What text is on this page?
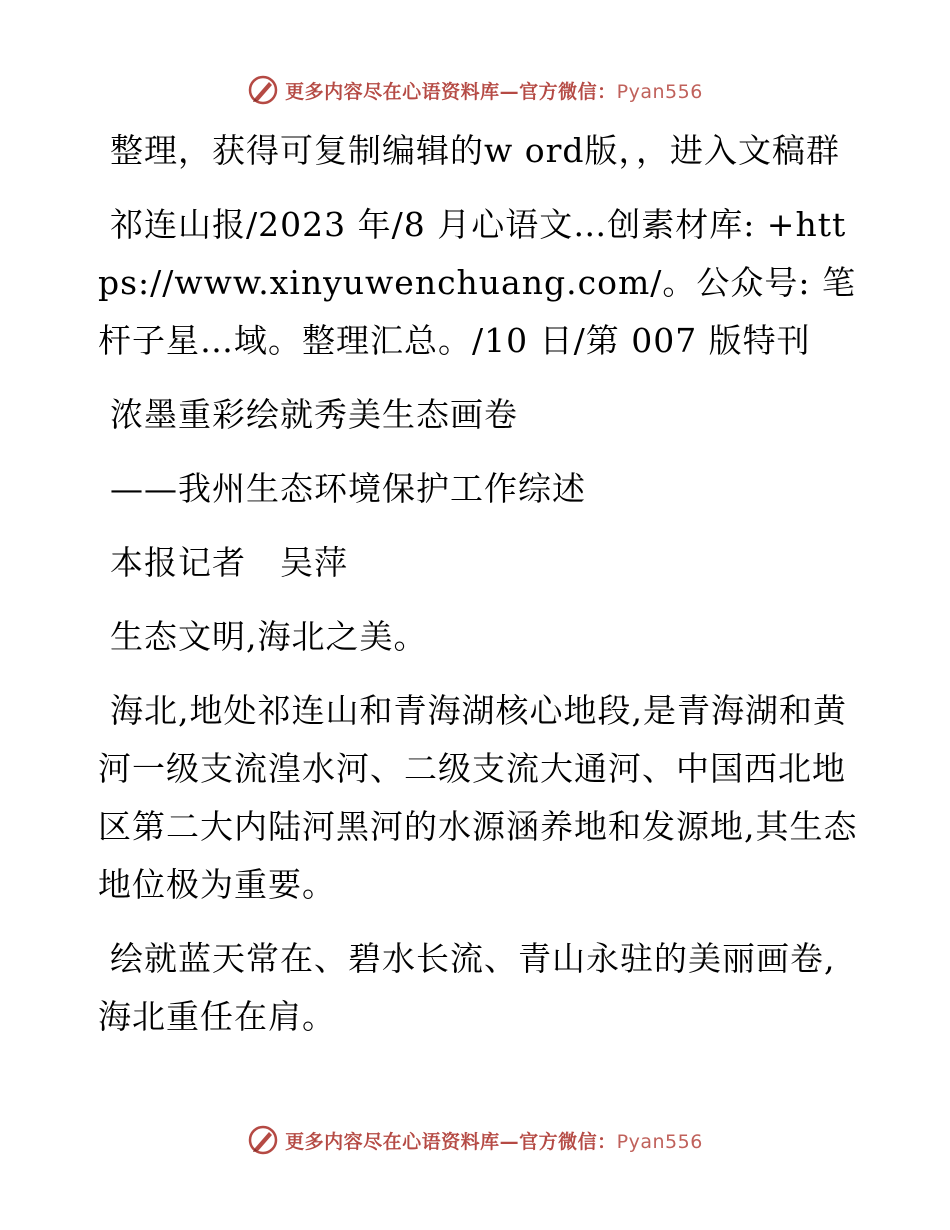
更多内容尽在心语资料库—官方微信：Pyan556

整理，获得可复制编辑的w ord版，，进入文稿群

祁连山报/2023 年/8 月心语文…创素材库: +https://www.xinyuwenchuang.com/。公众号: 笔杆子星…域。整理汇总。/10 日/第 007 版特刊

浓墨重彩绘就秀美生态画卷

——我州生态环境保护工作综述

本报记者　吴萍

生态文明,海北之美。

海北,地处祁连山和青海湖核心地段,是青海湖和黄河一级支流湟水河、二级支流大通河、中国西北地区第二大内陆河黑河的水源涵养地和发源地,其生态地位极为重要。

绘就蓝天常在、碧水长流、青山永驻的美丽画卷,海北重任在肩。

更多内容尽在心语资料库—官方微信：Pyan556
